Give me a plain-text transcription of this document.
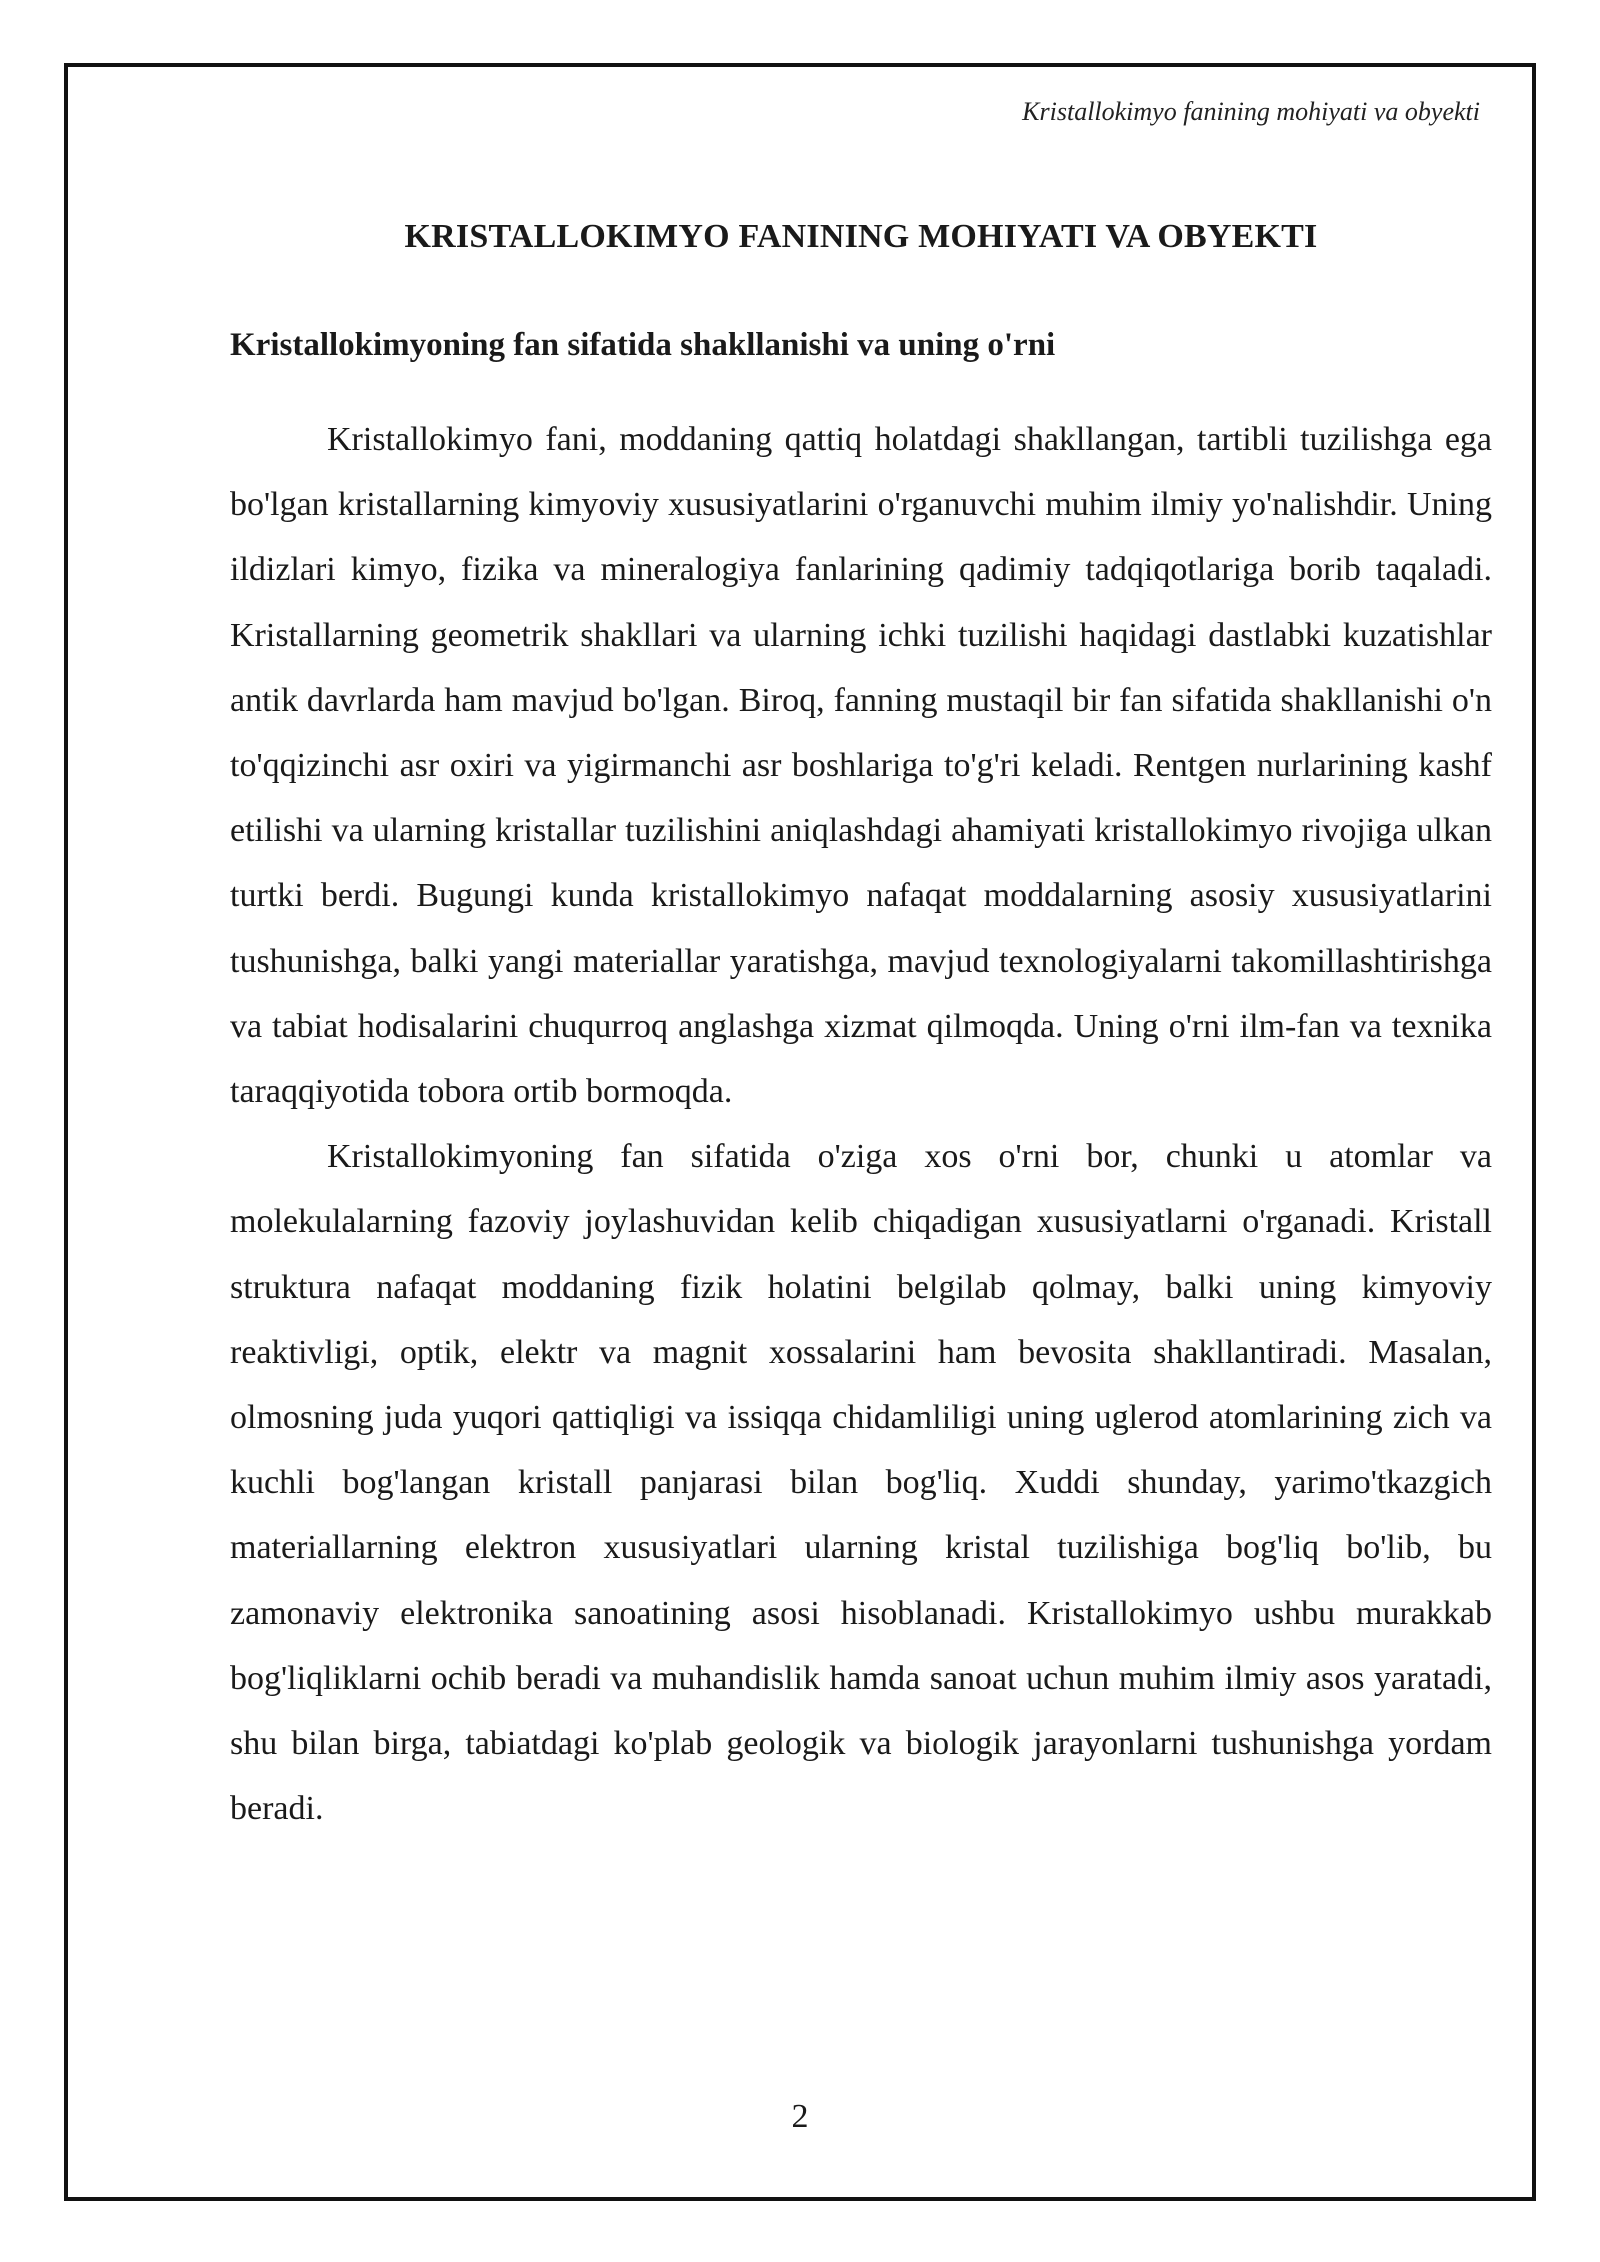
Kristallokimyo fanining mohiyati va obyekti
KRISTALLOKIMYO FANINING MOHIYATI VA OBYEKTI
Kristallokimyoning fan sifatida shakllanishi va uning o'rni

Kristallokimyo fani, moddaning qattiq holatdagi shakllangan, tartibli tuzilishga ega bo'lgan kristallarning kimyoviy xususiyatlarini o'rganuvchi muhim ilmiy yo'nalishdir. Uning ildizlari kimyo, fizika va mineralogiya fanlarining qadimiy tadqiqotlariga borib taqaladi. Kristallarning geometrik shakllari va ularning ichki tuzilishi haqidagi dastlabki kuzatishlar antik davrlarda ham mavjud bo'lgan. Biroq, fanning mustaqil bir fan sifatida shakllanishi o'n to'qqizinchi asr oxiri va yigirmanchi asr boshlariga to'g'ri keladi. Rentgen nurlarining kashf etilishi va ularning kristallar tuzilishini aniqlashdagi ahamiyati kristallokimyo rivojiga ulkan turtki berdi. Bugungi kunda kristallokimyo nafaqat moddalarning asosiy xususiyatlarini tushunishga, balki yangi materiallar yaratishga, mavjud texnologiyalarni takomillashtirishga va tabiat hodisalarini chuqurroq anglashga xizmat qilmoqda. Uning o'rni ilm-fan va texnika taraqqiyotida tobora ortib bormoqda.

Kristallokimyoning fan sifatida o'ziga xos o'rni bor, chunki u atomlar va molekulalarning fazoviy joylashuvidan kelib chiqadigan xususiyatlarni o'rganadi. Kristall struktura nafaqat moddaning fizik holatini belgilab qolmay, balki uning kimyoviy reaktivligi, optik, elektr va magnit xossalarini ham bevosita shakllantiradi. Masalan, olmosning juda yuqori qattiqligi va issiqqa chidamliligi uning uglerod atomlarining zich va kuchli bog'langan kristall panjarasi bilan bog'liq. Xuddi shunday, yarimo'tkazgich materiallarning elektron xususiyatlari ularning kristal tuzilishiga bog'liq bo'lib, bu zamonaviy elektronika sanoatining asosi hisoblanadi. Kristallokimyo ushbu murakkab bog'liqliklarni ochib beradi va muhandislik hamda sanoat uchun muhim ilmiy asos yaratadi, shu bilan birga, tabiatdagi ko'plab geologik va biologik jarayonlarni tushunishga yordam beradi.

2
